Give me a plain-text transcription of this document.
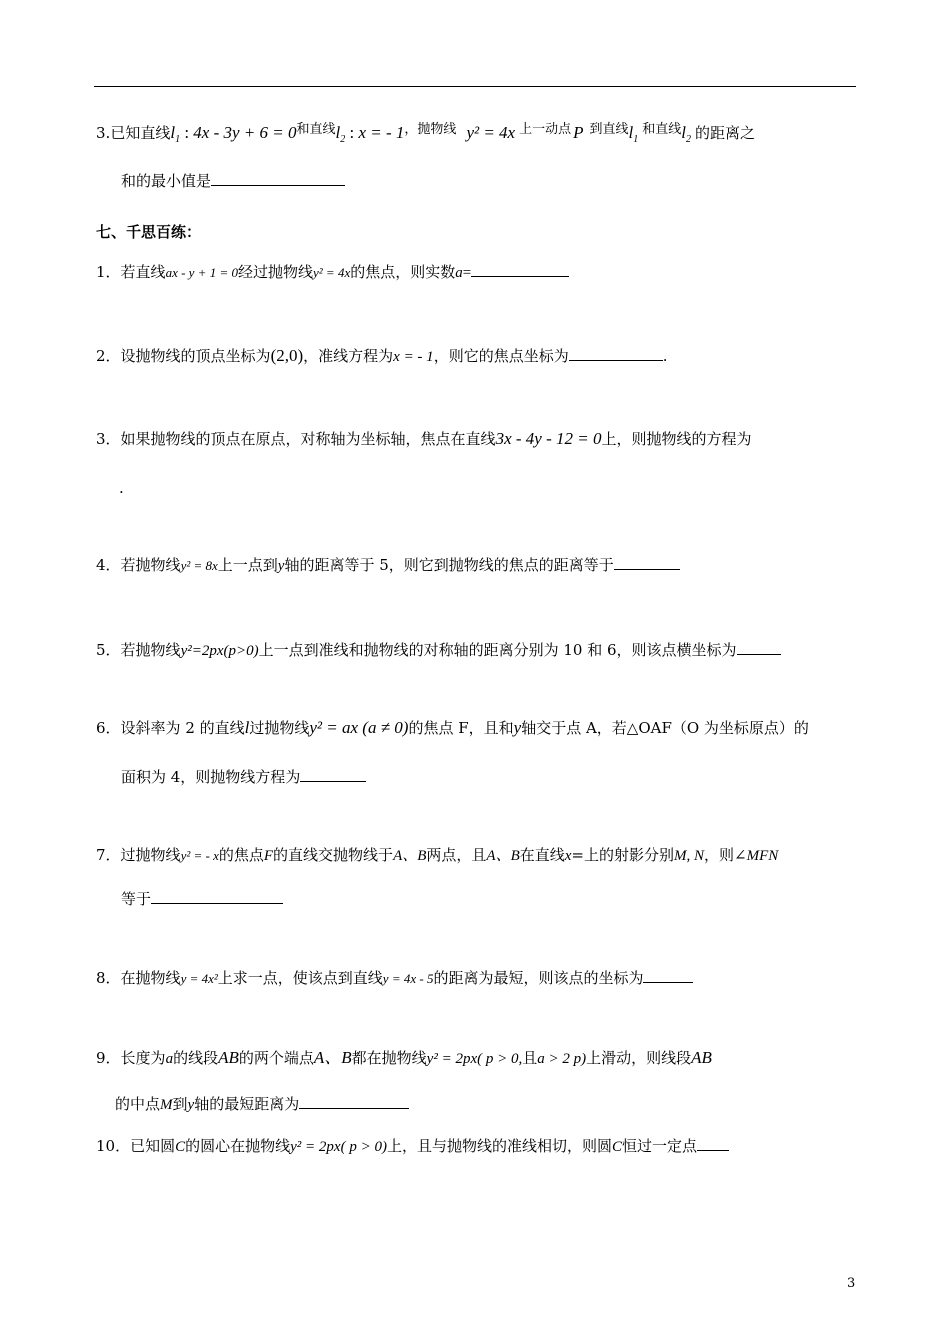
3.已知直线$l_1$ : 4x - 3y + 6 = 0和直线$l_2$ : x = - 1，抛物线 y² = 4x 上一动点 P 到直线$l_1$和直线$l_2$ 的距离之
和的最小值是
七、千思百练：
1．若直线ax - y + 1 = 0经过抛物线y² = 4x的焦点，则实数a=
2．设抛物线的顶点坐标为(2,0)，准线方程为x = - 1，则它的焦点坐标为	.
3．如果抛物线的顶点在原点，对称轴为坐标轴，焦点在直线3x - 4y - 12 = 0上，则抛物线的方程为
.
4．若抛物线y² = 8x上一点到y轴的距离等于 5，则它到抛物线的焦点的距离等于
5．若抛物线y²=2px(p>0)上一点到准线和抛物线的对称轴的距离分别为 10 和 6，则该点横坐标为
6．设斜率为 2 的直线l过抛物线y² = ax (a ≠ 0)的焦点 F，且和y轴交于点 A，若△OAF（O 为坐标原点）的
面积为 4，则抛物线方程为
7．过抛物线y² = - x的焦点F的直线交抛物线于A、B两点，且A、B在直线x=上的射影分别M, N，则∠MFN
等于
8．在抛物线y = 4x²上求一点，使该点到直线y = 4x - 5的距离为最短，则该点的坐标为
9．长度为a的线段AB的两个端点A、B都在抛物线y² = 2px( p > 0,且a > 2 p)上滑动，则线段AB
的中点M到y轴的最短距离为
10．已知圆C的圆心在抛物线y² = 2px( p > 0)上，且与抛物线的准线相切，则圆C恒过一定点
3
